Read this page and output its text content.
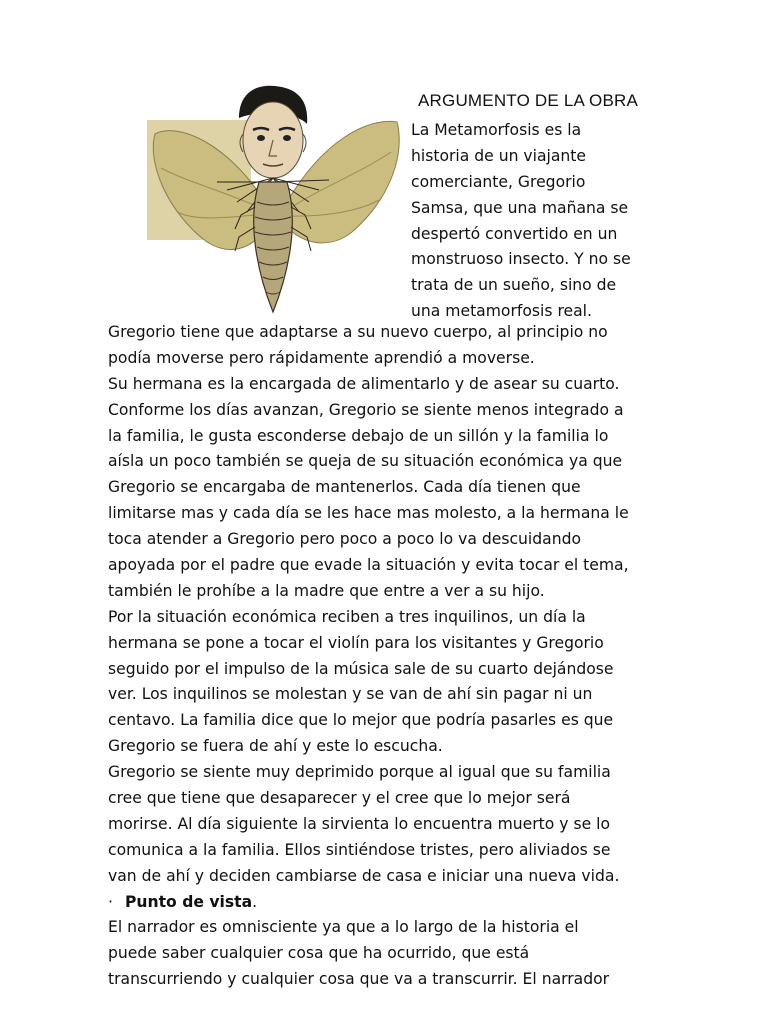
ARGUMENTO DE LA OBRA
La Metamorfosis es la
historia de un viajante
comerciante, Gregorio
Samsa, que una mañana se
despertó convertido en un
monstruoso insecto. Y no se
trata de un sueño, sino de
una metamorfosis real.
Gregorio tiene que adaptarse a su nuevo cuerpo, al principio no
podía moverse pero rápidamente aprendió a moverse.
Su hermana es la encargada de alimentarlo y de asear su cuarto.
Conforme los días avanzan, Gregorio se siente menos integrado a
la familia, le gusta esconderse debajo de un sillón y la familia lo
aísla un poco también se queja de su situación económica ya que
Gregorio se encargaba de mantenerlos. Cada día tienen que
limitarse mas y cada día se les hace mas molesto, a la hermana le
toca atender a Gregorio pero poco a poco lo va descuidando
apoyada por el padre que evade la situación y evita tocar el tema,
también le prohíbe a la madre que entre a ver a su hijo.
Por la situación económica reciben a tres inquilinos, un día la
hermana se pone a tocar el violín para los visitantes y Gregorio
seguido por el impulso de la música sale de su cuarto dejándose
ver. Los inquilinos se molestan y se van de ahí sin pagar ni un
centavo. La familia dice que lo mejor que podría pasarles es que
Gregorio se fuera de ahí y este lo escucha.
Gregorio se siente muy deprimido porque al igual que su familia
cree que tiene que desaparecer y el cree que lo mejor será
morirse. Al día siguiente la sirvienta lo encuentra muerto y se lo
comunica a la familia. Ellos sintiéndose tristes, pero aliviados se
van de ahí y deciden cambiarse de casa e iniciar una nueva vida.
· Punto de vista.
El narrador es omnisciente ya que a lo largo de la historia el
puede saber cualquier cosa que ha ocurrido, que está
transcurriendo y cualquier cosa que va a transcurrir. El narrador
